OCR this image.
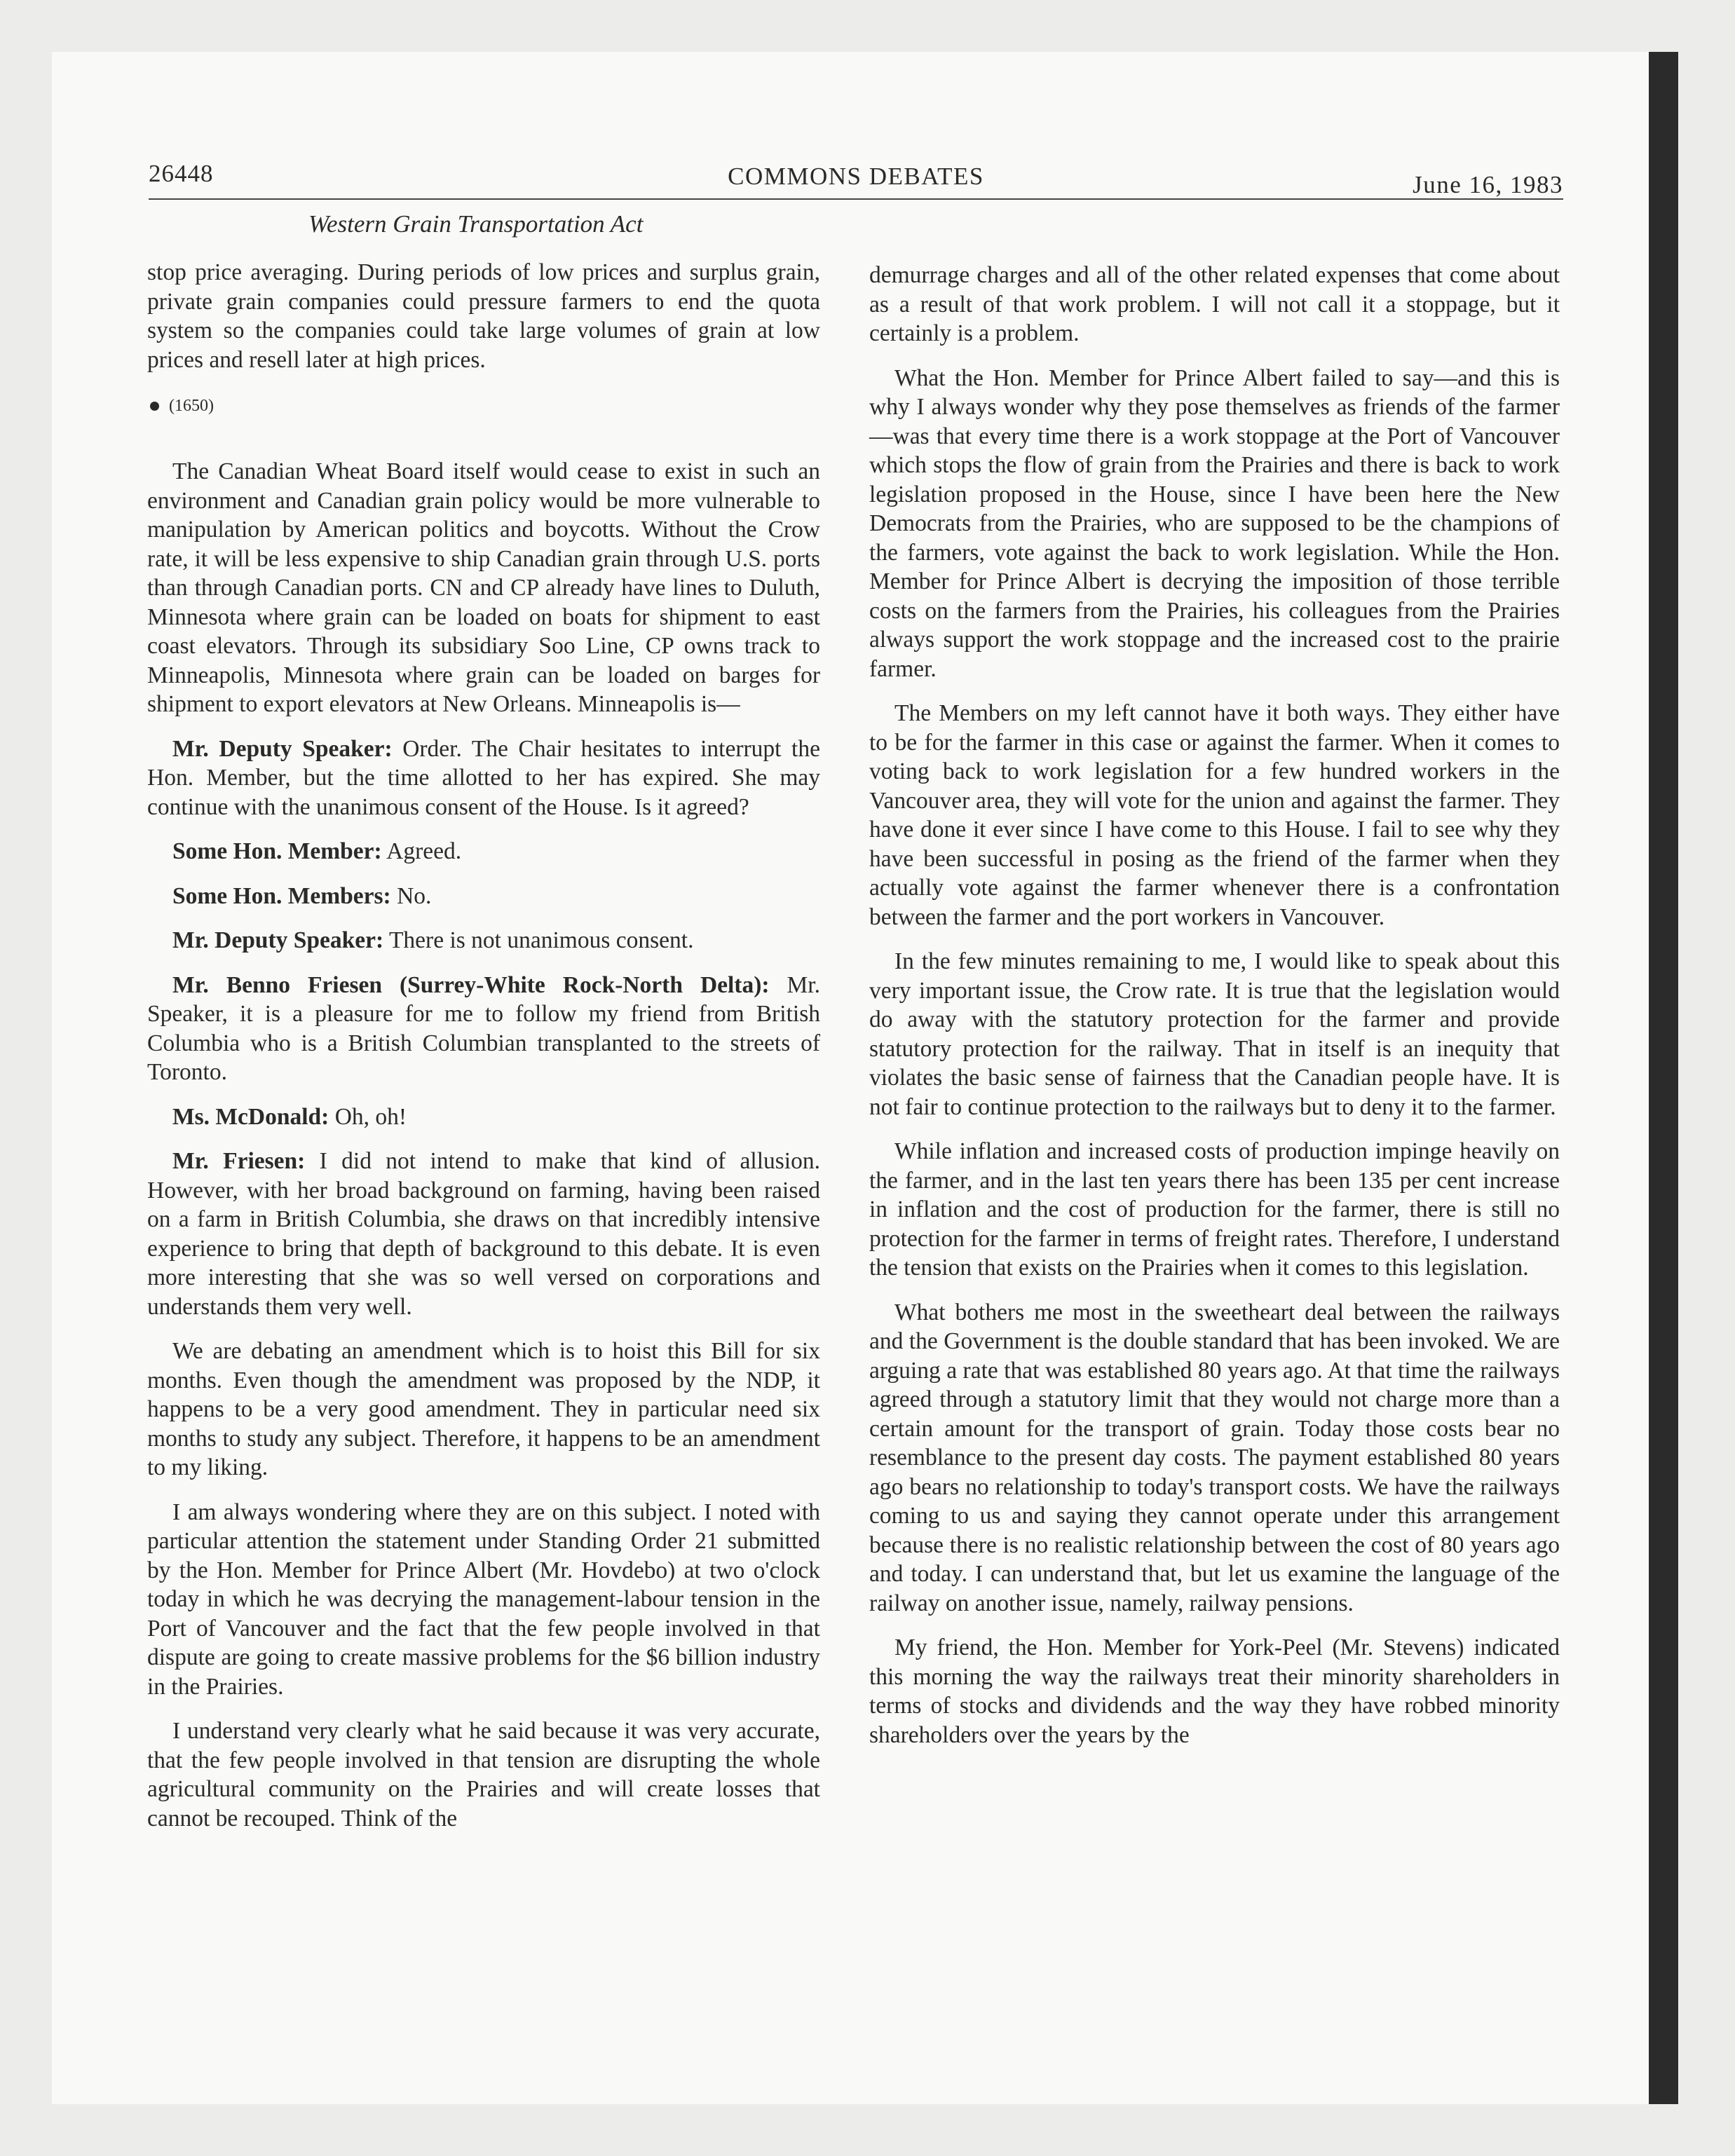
26448	COMMONS DEBATES	June 16, 1983
Western Grain Transportation Act

stop price averaging. During periods of low prices and surplus grain, private grain companies could pressure farmers to end the quota system so the companies could take large volumes of grain at low prices and resell later at high prices.

(1650)

The Canadian Wheat Board itself would cease to exist in such an environment and Canadian grain policy would be more vulnerable to manipulation by American politics and boycotts. Without the Crow rate, it will be less expensive to ship Canadian grain through U.S. ports than through Canadian ports. CN and CP already have lines to Duluth, Minnesota where grain can be loaded on boats for shipment to east coast elevators. Through its subsidiary Soo Line, CP owns track to Minneapolis, Minnesota where grain can be loaded on barges for shipment to export elevators at New Orleans. Minneapolis is—

Mr. Deputy Speaker: Order. The Chair hesitates to interrupt the Hon. Member, but the time allotted to her has expired. She may continue with the unanimous consent of the House. Is it agreed?

Some Hon. Member: Agreed.

Some Hon. Members: No.

Mr. Deputy Speaker: There is not unanimous consent.

Mr. Benno Friesen (Surrey-White Rock-North Delta): Mr. Speaker, it is a pleasure for me to follow my friend from British Columbia who is a British Columbian transplanted to the streets of Toronto.

Ms. McDonald: Oh, oh!

Mr. Friesen: I did not intend to make that kind of allusion. However, with her broad background on farming, having been raised on a farm in British Columbia, she draws on that incredibly intensive experience to bring that depth of background to this debate. It is even more interesting that she was so well versed on corporations and understands them very well.

We are debating an amendment which is to hoist this Bill for six months. Even though the amendment was proposed by the NDP, it happens to be a very good amendment. They in particular need six months to study any subject. Therefore, it happens to be an amendment to my liking.

I am always wondering where they are on this subject. I noted with particular attention the statement under Standing Order 21 submitted by the Hon. Member for Prince Albert (Mr. Hovdebo) at two o'clock today in which he was decrying the management-labour tension in the Port of Vancouver and the fact that the few people involved in that dispute are going to create massive problems for the $6 billion industry in the Prairies.

I understand very clearly what he said because it was very accurate, that the few people involved in that tension are disrupting the whole agricultural community on the Prairies and will create losses that cannot be recouped. Think of the

demurrage charges and all of the other related expenses that come about as a result of that work problem. I will not call it a stoppage, but it certainly is a problem.

What the Hon. Member for Prince Albert failed to say—and this is why I always wonder why they pose themselves as friends of the farmer—was that every time there is a work stoppage at the Port of Vancouver which stops the flow of grain from the Prairies and there is back to work legislation proposed in the House, since I have been here the New Democrats from the Prairies, who are supposed to be the champions of the farmers, vote against the back to work legislation. While the Hon. Member for Prince Albert is decrying the imposition of those terrible costs on the farmers from the Prairies, his colleagues from the Prairies always support the work stoppage and the increased cost to the prairie farmer.

The Members on my left cannot have it both ways. They either have to be for the farmer in this case or against the farmer. When it comes to voting back to work legislation for a few hundred workers in the Vancouver area, they will vote for the union and against the farmer. They have done it ever since I have come to this House. I fail to see why they have been successful in posing as the friend of the farmer when they actually vote against the farmer whenever there is a confrontation between the farmer and the port workers in Vancouver.

In the few minutes remaining to me, I would like to speak about this very important issue, the Crow rate. It is true that the legislation would do away with the statutory protection for the farmer and provide statutory protection for the railway. That in itself is an inequity that violates the basic sense of fairness that the Canadian people have. It is not fair to continue protection to the railways but to deny it to the farmer.

While inflation and increased costs of production impinge heavily on the farmer, and in the last ten years there has been 135 per cent increase in inflation and the cost of production for the farmer, there is still no protection for the farmer in terms of freight rates. Therefore, I understand the tension that exists on the Prairies when it comes to this legislation.

What bothers me most in the sweetheart deal between the railways and the Government is the double standard that has been invoked. We are arguing a rate that was established 80 years ago. At that time the railways agreed through a statutory limit that they would not charge more than a certain amount for the transport of grain. Today those costs bear no resemblance to the present day costs. The payment established 80 years ago bears no relationship to today's transport costs. We have the railways coming to us and saying they cannot operate under this arrangement because there is no realistic relationship between the cost of 80 years ago and today. I can understand that, but let us examine the language of the railway on another issue, namely, railway pensions.

My friend, the Hon. Member for York-Peel (Mr. Stevens) indicated this morning the way the railways treat their minority shareholders in terms of stocks and dividends and the way they have robbed minority shareholders over the years by the
